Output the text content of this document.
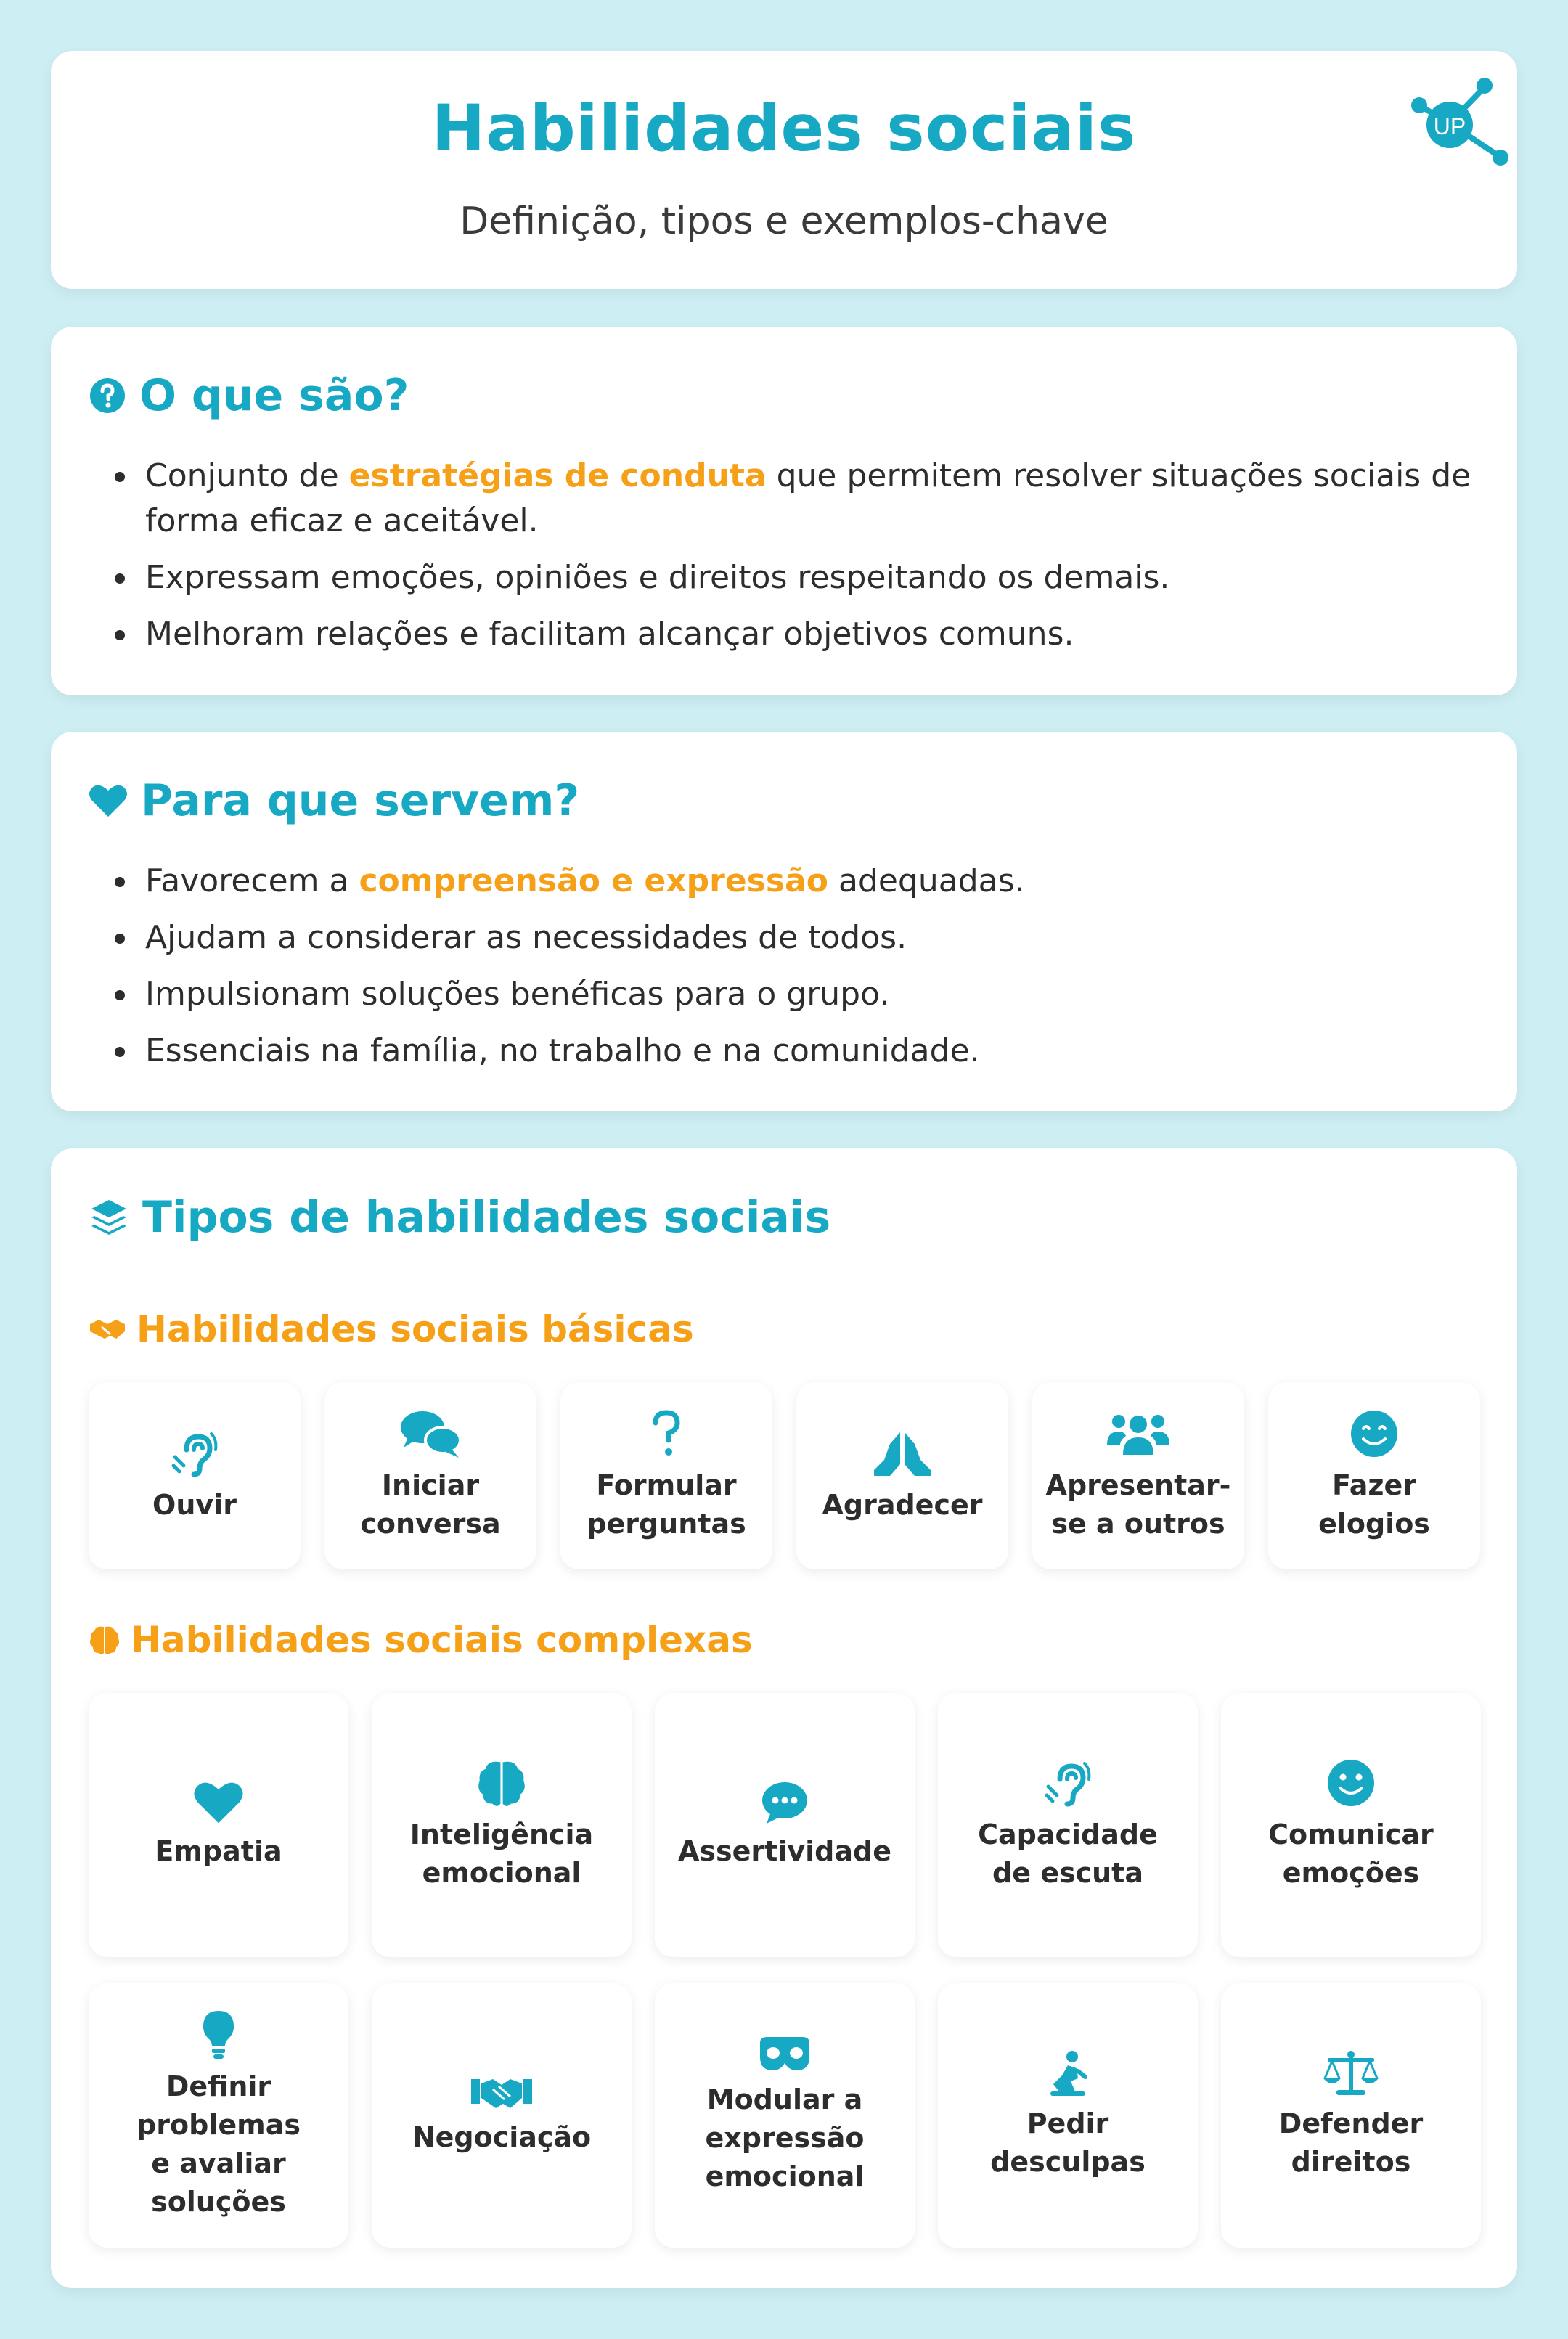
Habilidades sociais
Definição, tipos e exemplos-chave
UP
O que são?
Conjunto de estratégias de conduta que permitem resolver situações sociais de forma eficaz e aceitável.
Expressam emoções, opiniões e direitos respeitando os demais.
Melhoram relações e facilitam alcançar objetivos comuns.
Para que servem?
Favorecem a compreensão e expressão adequadas.
Ajudam a considerar as necessidades de todos.
Impulsionam soluções benéficas para o grupo.
Essenciais na família, no trabalho e na comunidade.
Tipos de habilidades sociais
Habilidades sociais básicas
Ouvir
Iniciar
conversa
Formular
perguntas
Agradecer
Apresentar-
se a outros
Fazer
elogios
Habilidades sociais complexas
Empatia
Inteligência
emocional
Assertividade
Capacidade
de escuta
Comunicar
emoções
Definir
problemas
e avaliar
soluções
Negociação
Modular a
expressão
emocional
Pedir
desculpas
Defender
direitos
